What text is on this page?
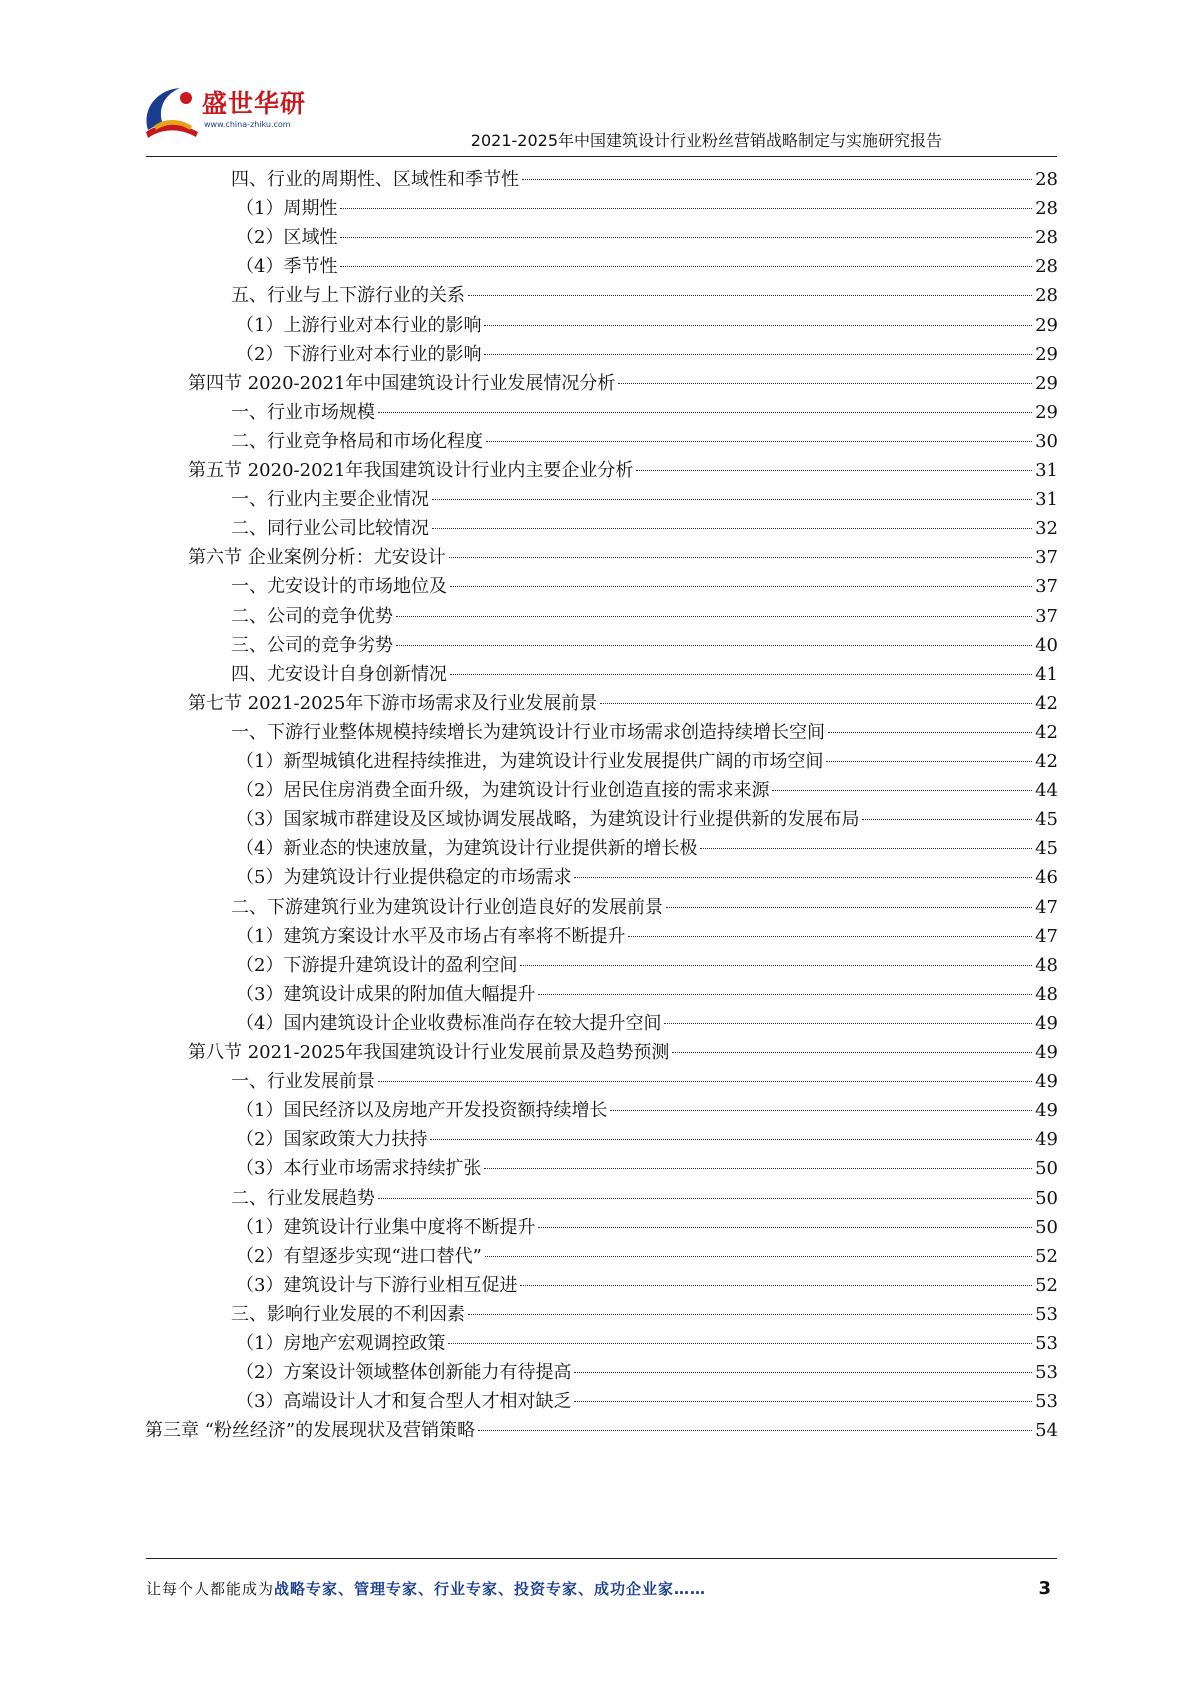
盛世华研
www.china-zhiku.com
2021-2025年中国建筑设计行业粉丝营销战略制定与实施研究报告
四、行业的周期性、区域性和季节性	28
（1）周期性	28
（2）区域性	28
（4）季节性	28
五、行业与上下游行业的关系	28
（1）上游行业对本行业的影响	29
（2）下游行业对本行业的影响	29
第四节 2020-2021年中国建筑设计行业发展情况分析	29
一、行业市场规模	29
二、行业竞争格局和市场化程度	30
第五节 2020-2021年我国建筑设计行业内主要企业分析	31
一、行业内主要企业情况	31
二、同行业公司比较情况	32
第六节 企业案例分析：尤安设计	37
一、尤安设计的市场地位及	37
二、公司的竞争优势	37
三、公司的竞争劣势	40
四、尤安设计自身创新情况	41
第七节 2021-2025年下游市场需求及行业发展前景	42
一、下游行业整体规模持续增长为建筑设计行业市场需求创造持续增长空间	42
（1）新型城镇化进程持续推进，为建筑设计行业发展提供广阔的市场空间	42
（2）居民住房消费全面升级，为建筑设计行业创造直接的需求来源	44
（3）国家城市群建设及区域协调发展战略，为建筑设计行业提供新的发展布局	45
（4）新业态的快速放量，为建筑设计行业提供新的增长极	45
（5）为建筑设计行业提供稳定的市场需求	46
二、下游建筑行业为建筑设计行业创造良好的发展前景	47
（1）建筑方案设计水平及市场占有率将不断提升	47
（2）下游提升建筑设计的盈利空间	48
（3）建筑设计成果的附加值大幅提升	48
（4）国内建筑设计企业收费标准尚存在较大提升空间	49
第八节 2021-2025年我国建筑设计行业发展前景及趋势预测	49
一、行业发展前景	49
（1）国民经济以及房地产开发投资额持续增长	49
（2）国家政策大力扶持	49
（3）本行业市场需求持续扩张	50
二、行业发展趋势	50
（1）建筑设计行业集中度将不断提升	50
（2）有望逐步实现“进口替代”	52
（3）建筑设计与下游行业相互促进	52
三、影响行业发展的不利因素	53
（1）房地产宏观调控政策	53
（2）方案设计领域整体创新能力有待提高	53
（3）高端设计人才和复合型人才相对缺乏	53
第三章 “粉丝经济”的发展现状及营销策略	54
让每个人都能成为战略专家、管理专家、行业专家、投资专家、成功企业家……	3
